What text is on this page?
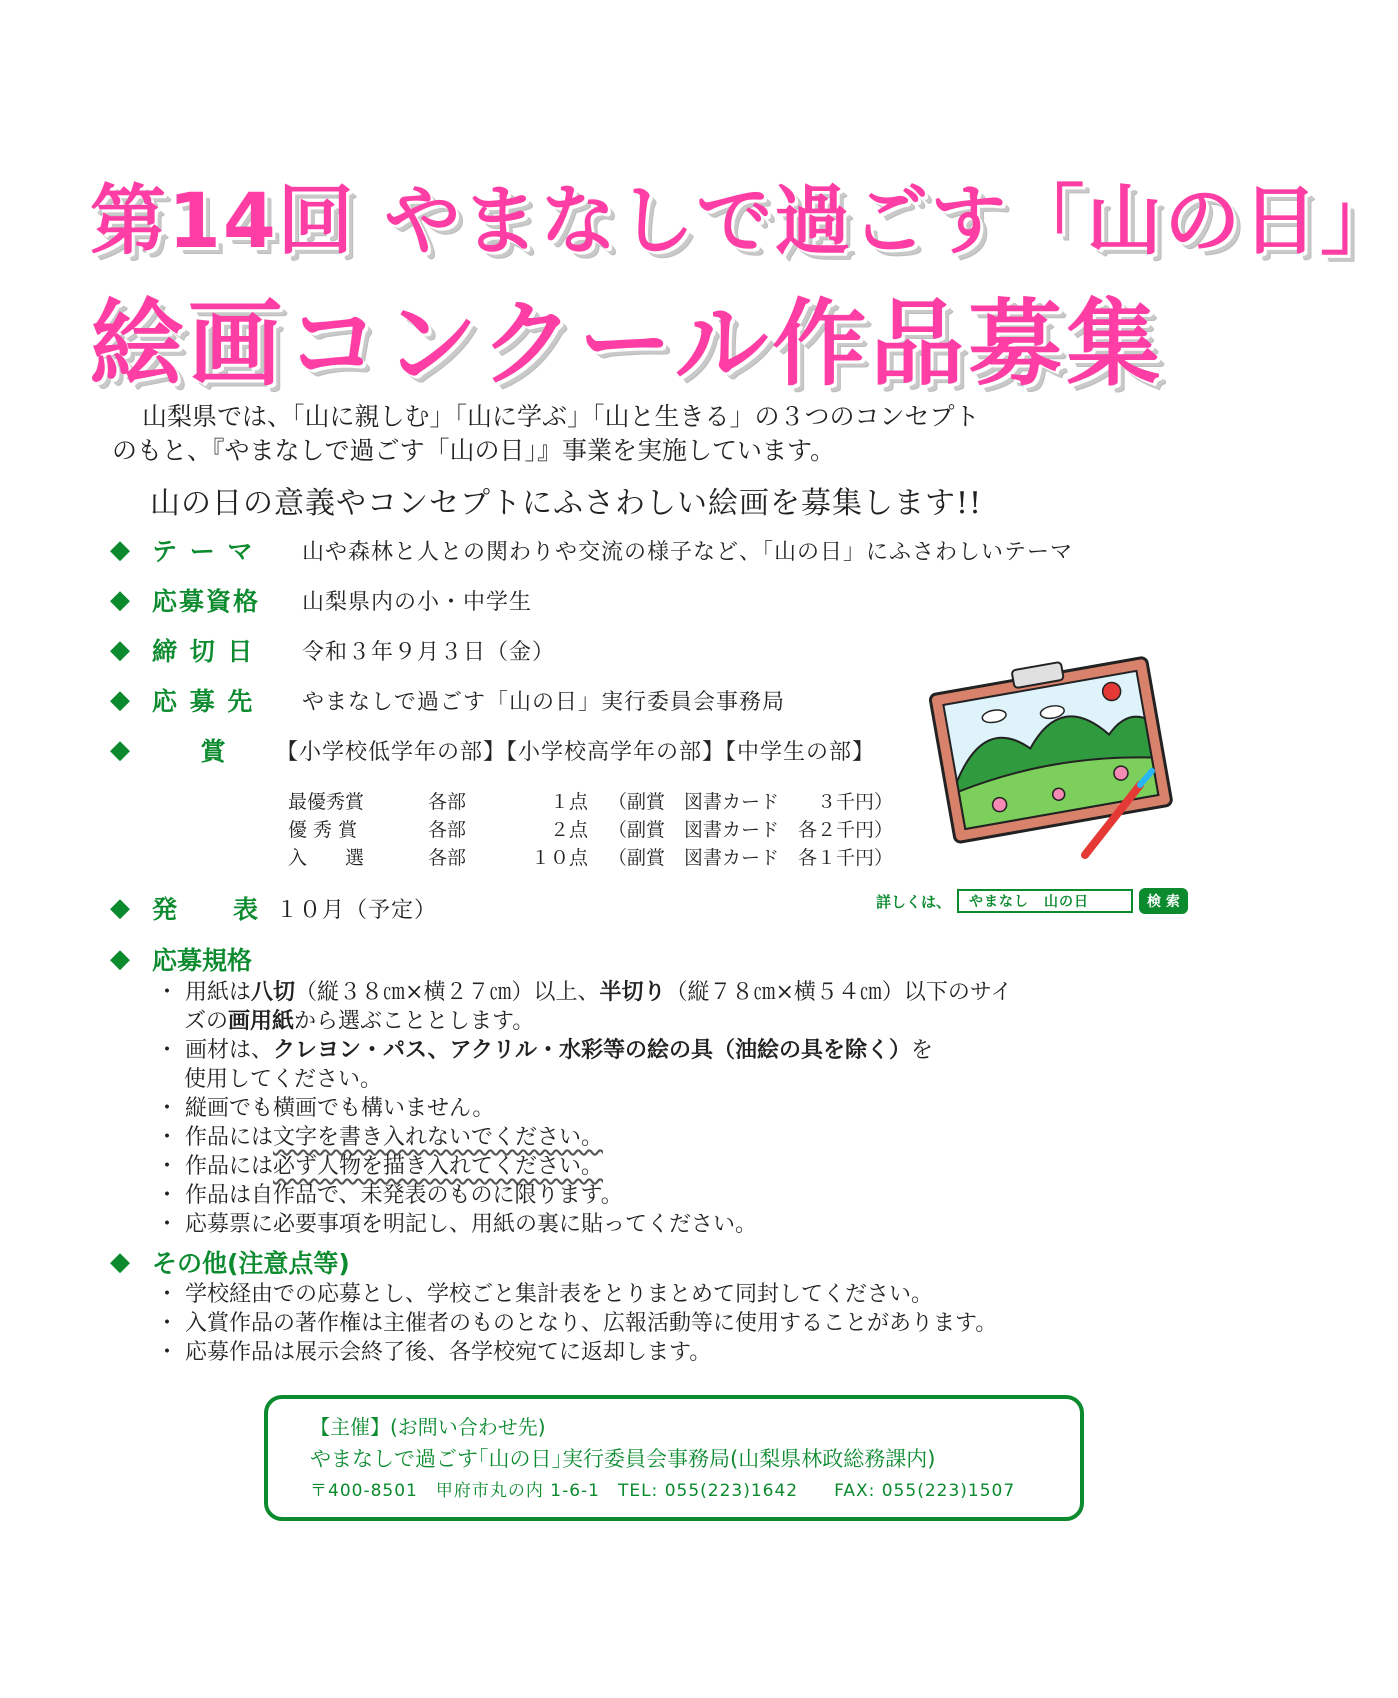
第14回 やまなしで過ごす「山の日」
絵画コンクール作品募集
山梨県では、「山に親しむ」「山に学ぶ」「山と生きる」の３つのコンセプト
のもと、『やまなしで過ごす「山の日」』事業を実施しています。
山の日の意義やコンセプトにふさわしい絵画を募集します!!
◆ テ ー マ	山や森林と人との関わりや交流の様子など、「山の日」にふさわしいテーマ
◆ 応募資格	山梨県内の小・中学生
◆ 締 切 日	令和３年９月３日（金）
◆ 応 募 先	やまなしで過ごす「山の日」実行委員会事務局
◆	賞	【小学校低学年の部】【小学校高学年の部】【中学生の部】
最優秀賞	各部	１点	（副賞　図書カード　　３千円）
優 秀 賞	各部	２点	（副賞　図書カード　各２千円）
入　　選	各部	１０点	（副賞　図書カード　各１千円）
詳しくは、	やまなし　山の日	検 索
◆ 発　　表 １０月（予定）
◆ 応募規格
・ 用紙は八切（縦３８㎝×横２７㎝）以上、半切り（縦７８㎝×横５４㎝）以下のサイ
ズの画用紙から選ぶこととします。
・ 画材は、クレヨン・パス、アクリル・水彩等の絵の具（油絵の具を除く）を
使用してください。
・ 縦画でも横画でも構いません。
・ 作品には文字を書き入れないでください。
・ 作品には必ず人物を描き入れてください。
・ 作品は自作品で、未発表のものに限ります。
・ 応募票に必要事項を明記し、用紙の裏に貼ってください。
◆ その他(注意点等)
・ 学校経由での応募とし、学校ごと集計表をとりまとめて同封してください。
・ 入賞作品の著作権は主催者のものとなり、広報活動等に使用することがあります。
・ 応募作品は展示会終了後、各学校宛てに返却します。
【主催】(お問い合わせ先)
やまなしで過ごす｢山の日｣実行委員会事務局(山梨県林政総務課内)
〒400-8501　甲府市丸の内 1-6-1　TEL: 055(223)1642　　FAX: 055(223)1507
